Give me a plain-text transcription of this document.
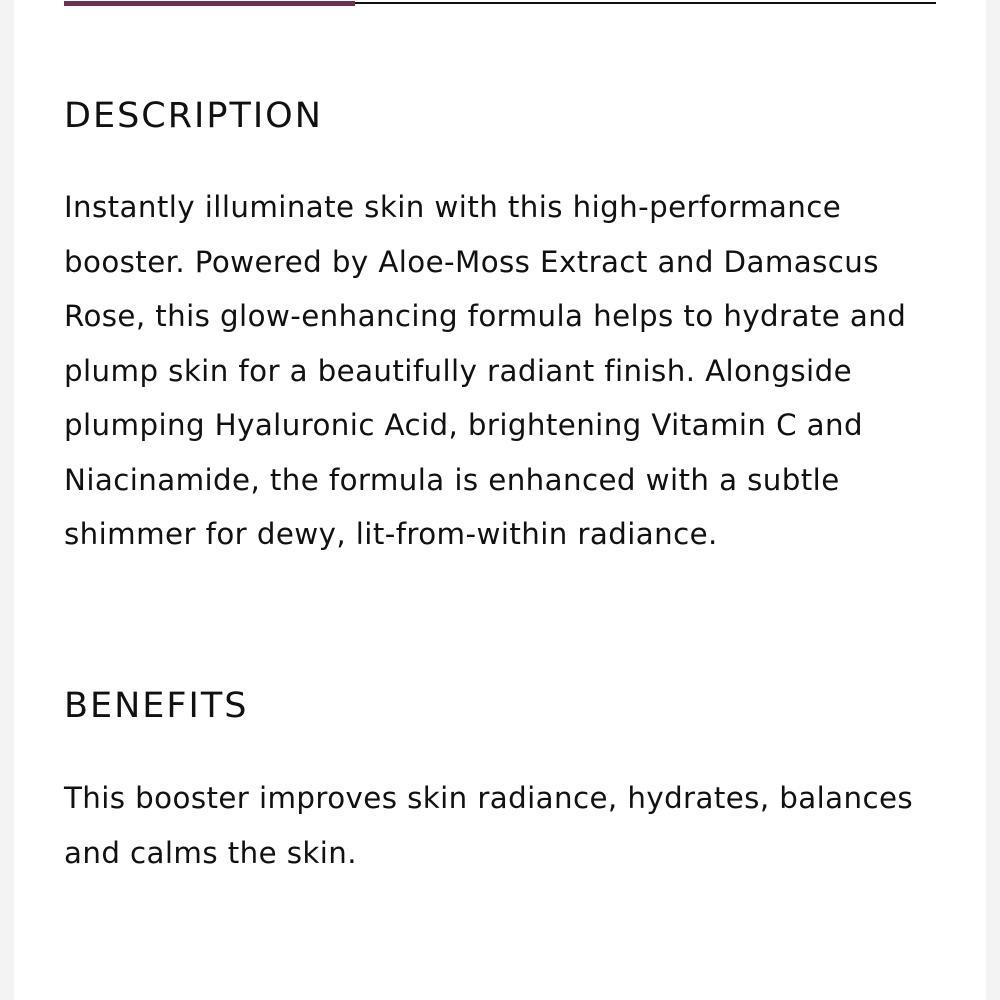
DESCRIPTION

Instantly illuminate skin with this high-performance
booster. Powered by Aloe-Moss Extract and Damascus
Rose, this glow-enhancing formula helps to hydrate and
plump skin for a beautifully radiant finish. Alongside
plumping Hyaluronic Acid, brightening Vitamin C and
Niacinamide, the formula is enhanced with a subtle
shimmer for dewy, lit-from-within radiance.

BENEFITS

This booster improves skin radiance, hydrates, balances
and calms the skin.
